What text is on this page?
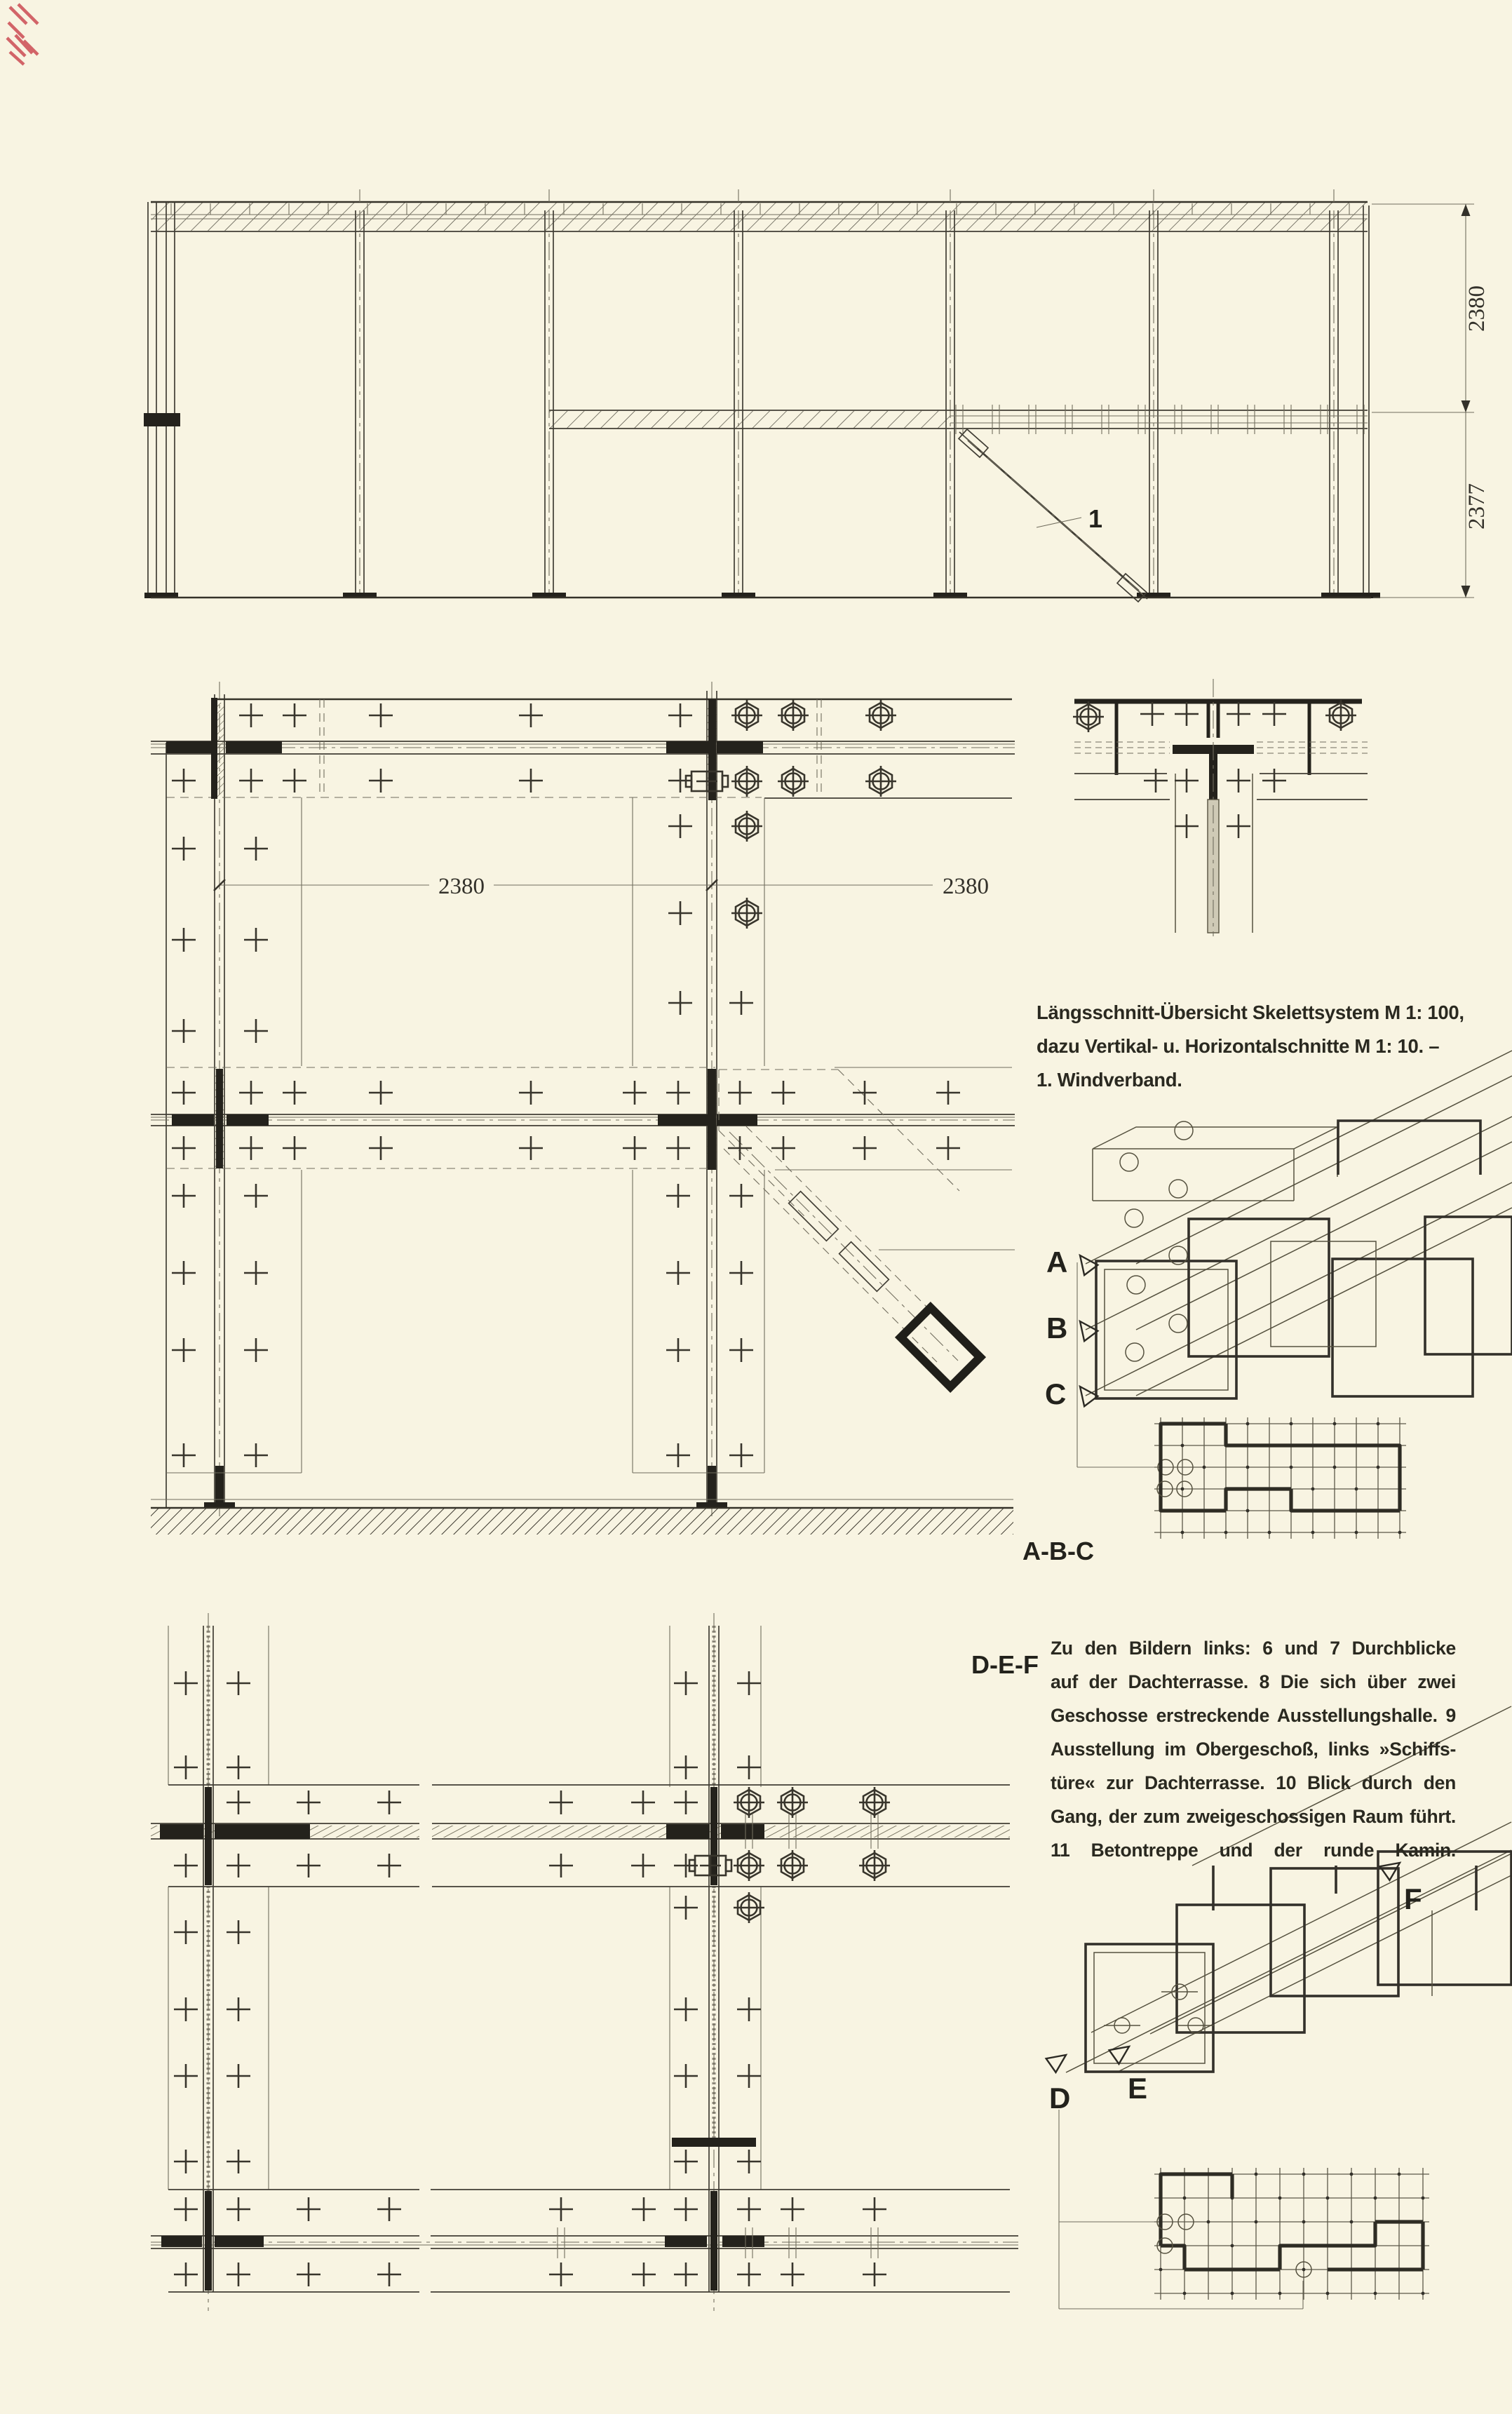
1
2380
2377
2380	2380
A-B-C
A
B
C
D-E-F
D E
F
Längsschnitt-Übersicht Skelettsystem M 1: 100,
dazu Vertikal- u. Horizontalschnitte M 1: 10. –
1. Windverband.
Zu den Bildern links: 6 und 7 Durchblicke
auf der Dachterrasse. 8 Die sich über zwei
Geschosse erstreckende Ausstellungshalle. 9
Ausstellung im Obergeschoß, links »Schiffs-
türe« zur Dachterrasse. 10 Blick durch den
Gang, der zum zweigeschossigen Raum führt.
11 Betontreppe und der runde Kamin.
